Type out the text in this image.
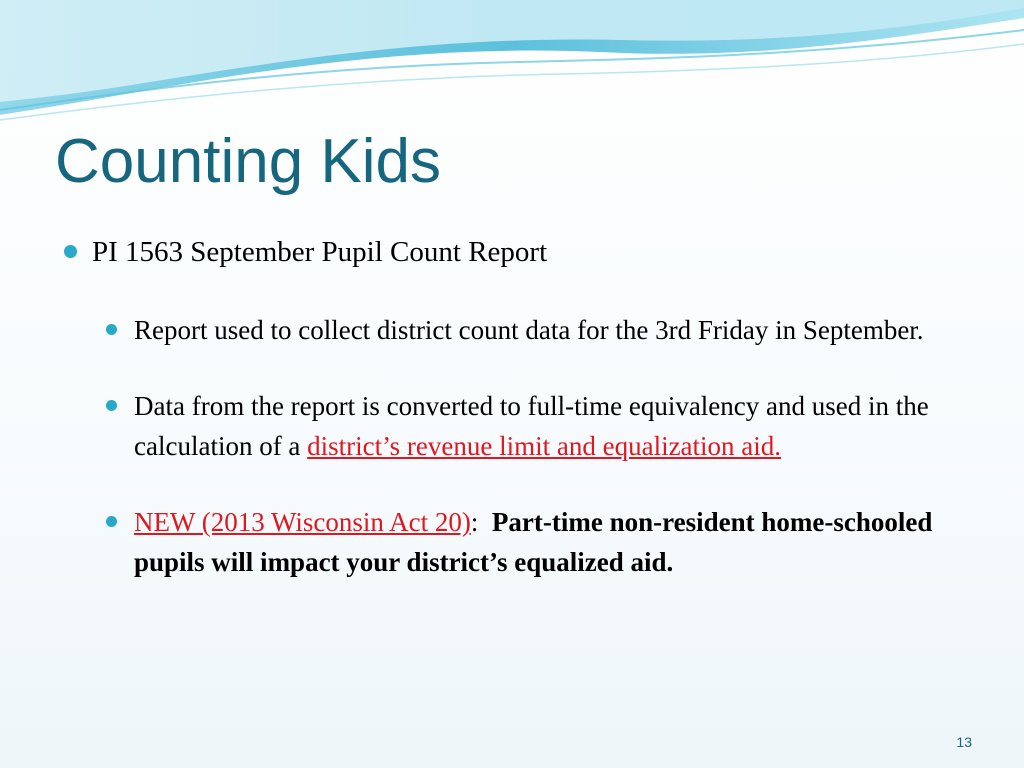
Counting Kids
PI 1563 September Pupil Count Report
Report used to collect district count data for the 3rd Friday in September.
Data from the report is converted to full-time equivalency and used in the calculation of a district’s revenue limit and equalization aid.
NEW (2013 Wisconsin Act 20): Part-time non-resident home-schooled pupils will impact your district’s equalized aid.
13
